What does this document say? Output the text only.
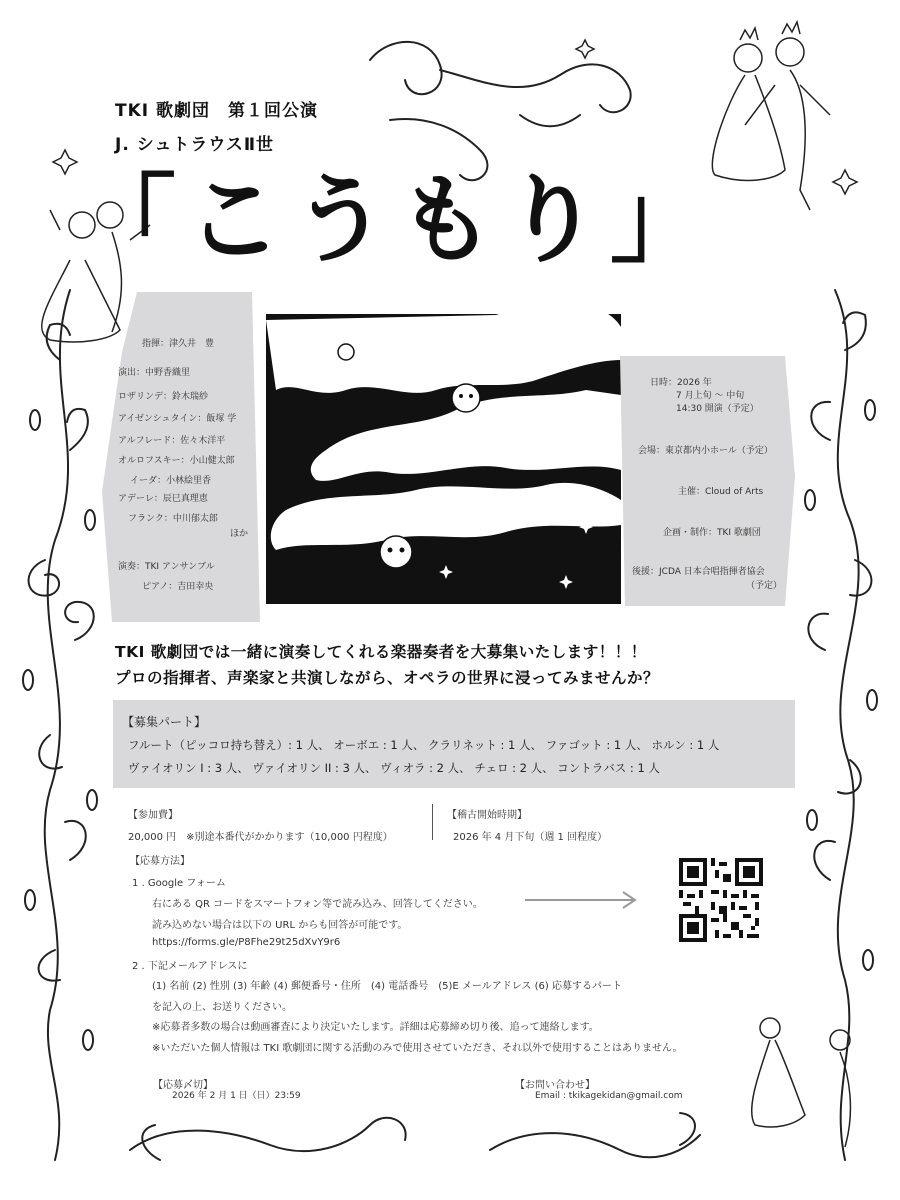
TKI 歌劇団　第１回公演
J. シュトラウスⅡ世
「こうもり」
指揮：津久井　豊
演出：中野香織里
ロザリンデ：鈴木瑞紗
アイゼンシュタイン：飯塚 学
アルフレード：佐々木洋平
オルロフスキー：小山健太郎
イーダ：小林絵里香
アデーレ：辰巳真理恵
フランク：中川郁太郎
ほか
演奏：TKI アンサンブル
ピアノ：吉田幸央
日時：2026 年
7 月上旬 ～ 中旬
14:30 開演（予定）
会場：東京都内小ホール（予定）
主催：Cloud of Arts
企画・制作：TKI 歌劇団
後援：JCDA 日本合唱指揮者協会
（予定）
TKI 歌劇団では一緒に演奏してくれる楽器奏者を大募集いたします！！！
プロの指揮者、声楽家と共演しながら、オペラの世界に浸ってみませんか？
【募集パート】
フルート（ピッコロ持ち替え）: 1 人、 オーボエ : 1 人、 クラリネット : 1 人、 ファゴット : 1 人、 ホルン : 1 人
ヴァイオリン I : 3 人、 ヴァイオリン II : 3 人、 ヴィオラ : 2 人、 チェロ : 2 人、 コントラバス : 1 人
【参加費】
20,000 円　※別途本番代がかかります（10,000 円程度）
【稽古開始時期】
2026 年 4 月下旬（週 1 回程度）
【応募方法】
1 . Google フォーム
右にある QR コードをスマートフォン等で読み込み、回答してください。
読み込めない場合は以下の URL からも回答が可能です。
https://forms.gle/P8Fhe29t25dXvY9r6
2 . 下記メールアドレスに
(1) 名前 (2) 性別 (3) 年齢 (4) 郵便番号・住所　(4) 電話番号　(5)E メールアドレス (6) 応募するパート
を記入の上、お送りください。
※応募者多数の場合は動画審査により決定いたします。詳細は応募締め切り後、追って連絡します。
※いただいた個人情報は TKI 歌劇団に関する活動のみで使用させていただき、それ以外で使用することはありません。
【応募〆切】
2026 年 2 月 1 日（日）23:59
【お問い合わせ】
Email : tkikagekidan@gmail.com
